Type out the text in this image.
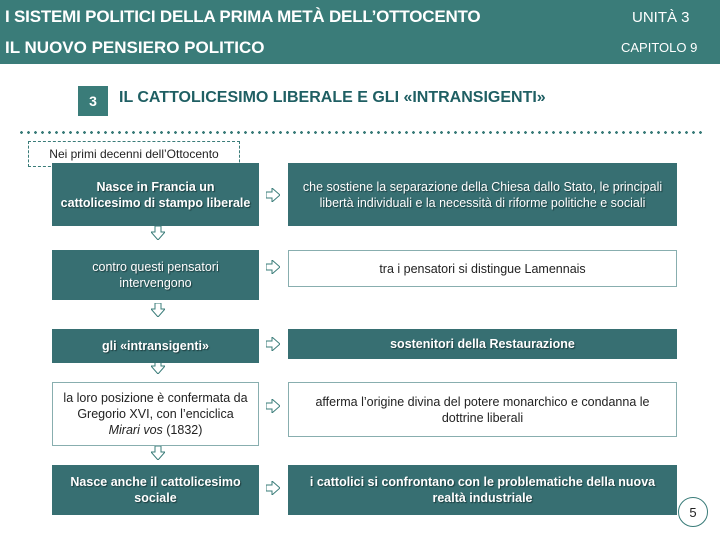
I SISTEMI POLITICI DELLA PRIMA METÀ DELL’OTTOCENTO
IL NUOVO PENSIERO POLITICO
UNITÀ 3
CAPITOLO 9
3	IL CATTOLICESIMO LIBERALE E GLI «INTRANSIGENTI»
Nei primi decenni dell’Ottocento
Nasce in Francia un cattolicesimo di stampo liberale
che sostiene la separazione della Chiesa dallo Stato, le principali libertà individuali e la necessità di riforme politiche e sociali
contro questi pensatori intervengono
tra i pensatori si distingue Lamennais
gli «intransigenti»	sostenitori della Restaurazione
la loro posizione è confermata da Gregorio XVI, con l’enciclica Mirari vos (1832)
afferma l’origine divina del potere monarchico e condanna le dottrine liberali
Nasce anche il cattolicesimo sociale
i cattolici si confrontano con le problematiche della nuova realtà industriale
5
